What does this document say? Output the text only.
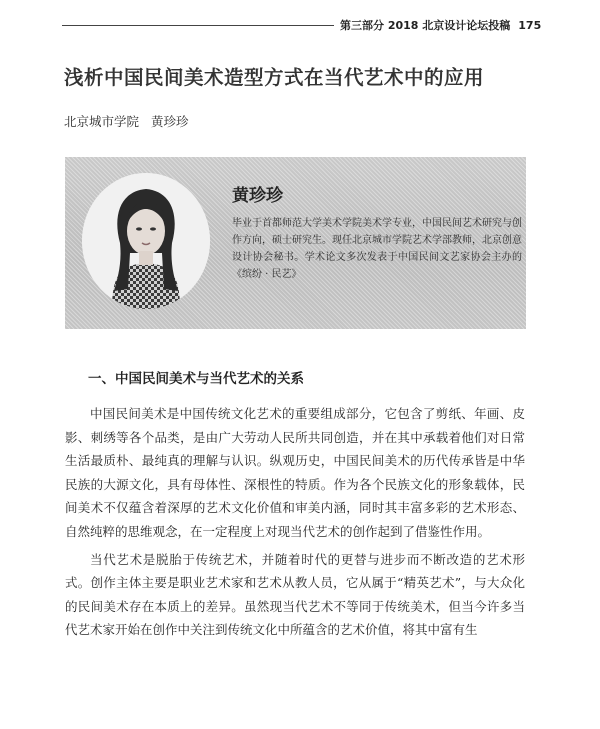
第三部分 2018 北京设计论坛投稿 175
浅析中国民间美术造型方式在当代艺术中的应用
北京城市学院 黄珍珍
黄珍珍
毕业于首都师范大学美术学院美术学专业，中国民间艺术研究与创作方向，硕士研究生。现任北京城市学院艺术学部教师，北京创意设计协会秘书。学术论文多次发表于中国民间文艺家协会主办的《缤纷 · 民艺》
一、中国民间美术与当代艺术的关系

中国民间美术是中国传统文化艺术的重要组成部分，它包含了剪纸、年画、皮影、刺绣等各个品类，是由广大劳动人民所共同创造，并在其中承载着他们对日常生活最质朴、最纯真的理解与认识。纵观历史，中国民间美术的历代传承皆是中华民族的大源文化，具有母体性、深根性的特质。作为各个民族文化的形象载体，民间美术不仅蕴含着深厚的艺术文化价值和审美内涵，同时其丰富多彩的艺术形态、自然纯粹的思维观念，在一定程度上对现当代艺术的创作起到了借鉴性作用。

当代艺术是脱胎于传统艺术，并随着时代的更替与进步而不断改造的艺术形式。创作主体主要是职业艺术家和艺术从教人员，它从属于“精英艺术”，与大众化的民间美术存在本质上的差异。虽然现当代艺术不等同于传统美术，但当今许多当代艺术家开始在创作中关注到传统文化中所蕴含的艺术价值，将其中富有生
